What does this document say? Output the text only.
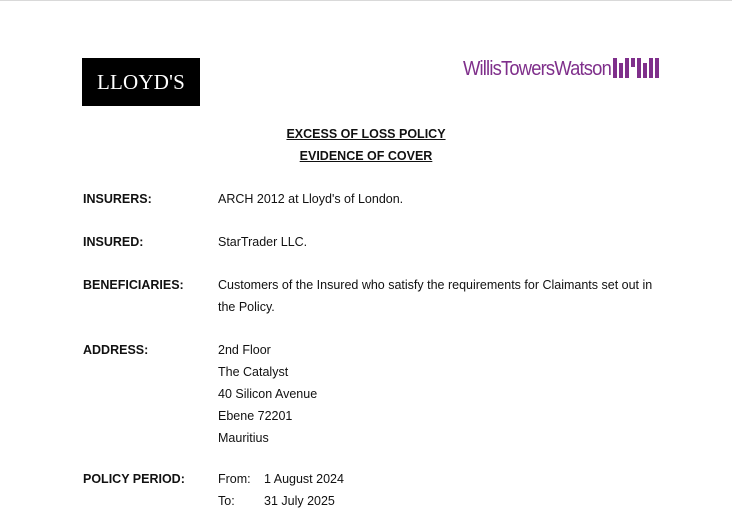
LLOYD'S
WillisTowersWatson
EXCESS OF LOSS POLICY
EVIDENCE OF COVER
INSURERS:	ARCH 2012 at Lloyd's of London.
INSURED:	StarTrader LLC.
BENEFICIARIES:	Customers of the Insured who satisfy the requirements for Claimants set out in
the Policy.
ADDRESS:	2nd Floor
The Catalyst
40 Silicon Avenue
Ebene 72201
Mauritius
POLICY PERIOD:	From: 1 August 2024
To: 31 July 2025
